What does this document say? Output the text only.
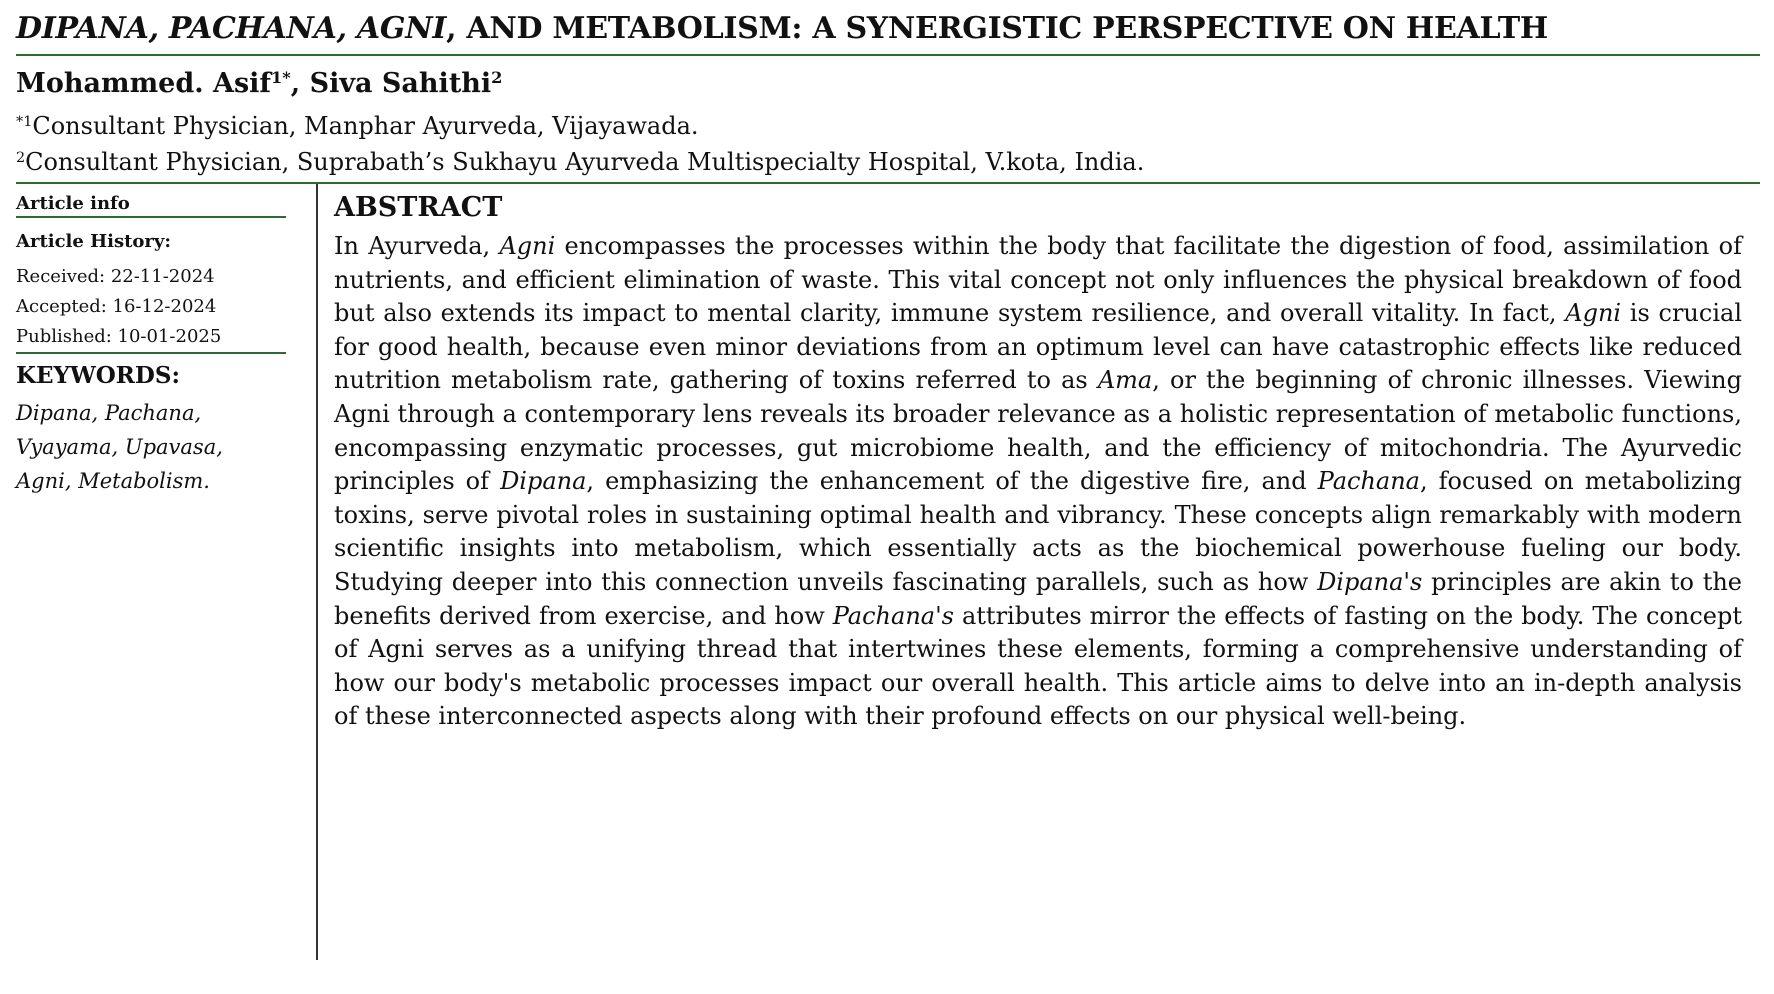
DIPANA, PACHANA, AGNI, AND METABOLISM: A SYNERGISTIC PERSPECTIVE ON HEALTH
Mohammed. Asif$^{1*}$, Siva Sahithi$^2$
$^{*1}$Consultant Physician, Manphar Ayurveda, Vijayawada.
$^2$Consultant Physician, Suprabath’s Sukhayu Ayurveda Multispecialty Hospital, V.kota, India.
Article info
Article History:
Received: 22-11-2024
Accepted: 16-12-2024
Published: 10-01-2025
KEYWORDS:
Dipana, Pachana, Vyayama, Upavasa, Agni, Metabolism.
ABSTRACT
In Ayurveda, Agni encompasses the processes within the body that facilitate the digestion of food, assimilation of nutrients, and efficient elimination of waste. This vital concept not only influences the physical breakdown of food but also extends its impact to mental clarity, immune system resilience, and overall vitality. In fact, Agni is crucial for good health, because even minor deviations from an optimum level can have catastrophic effects like reduced nutrition metabolism rate, gathering of toxins referred to as Ama, or the beginning of chronic illnesses. Viewing Agni through a contemporary lens reveals its broader relevance as a holistic representation of metabolic functions, encompassing enzymatic processes, gut microbiome health, and the efficiency of mitochondria. The Ayurvedic principles of Dipana, emphasizing the enhancement of the digestive fire, and Pachana, focused on metabolizing toxins, serve pivotal roles in sustaining optimal health and vibrancy. These concepts align remarkably with modern scientific insights into metabolism, which essentially acts as the biochemical powerhouse fueling our body. Studying deeper into this connection unveils fascinating parallels, such as how Dipana's principles are akin to the benefits derived from exercise, and how Pachana's attributes mirror the effects of fasting on the body. The concept of Agni serves as a unifying thread that intertwines these elements, forming a comprehensive understanding of how our body's metabolic processes impact our overall health. This article aims to delve into an in-depth analysis of these interconnected aspects along with their profound effects on our physical well-being.
